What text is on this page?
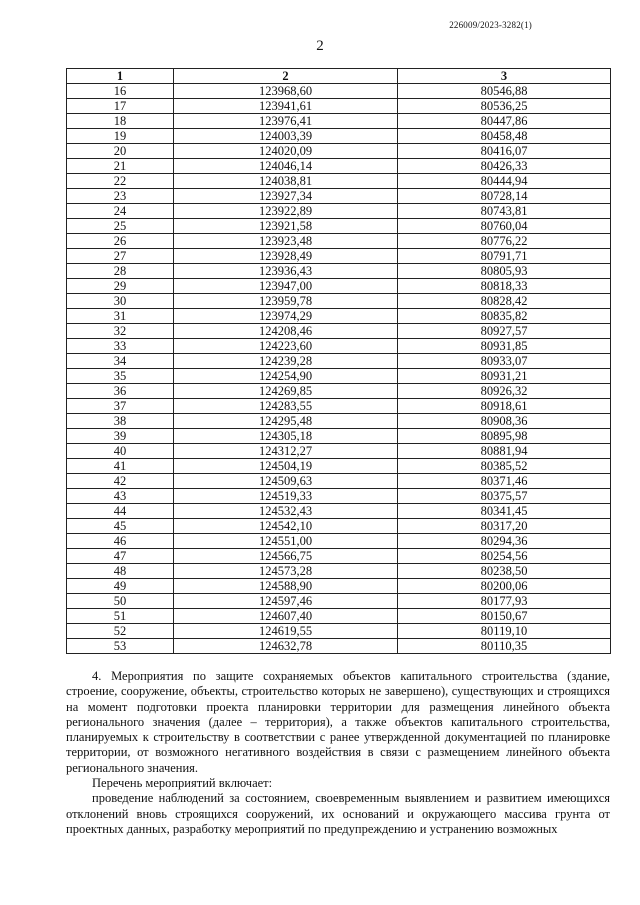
226009/2023-3282(1)
2
1	2	3
16	123968,60	80546,88
17	123941,61	80536,25
18	123976,41	80447,86
19	124003,39	80458,48
20	124020,09	80416,07
21	124046,14	80426,33
22	124038,81	80444,94
23	123927,34	80728,14
24	123922,89	80743,81
25	123921,58	80760,04
26	123923,48	80776,22
27	123928,49	80791,71
28	123936,43	80805,93
29	123947,00	80818,33
30	123959,78	80828,42
31	123974,29	80835,82
32	124208,46	80927,57
33	124223,60	80931,85
34	124239,28	80933,07
35	124254,90	80931,21
36	124269,85	80926,32
37	124283,55	80918,61
38	124295,48	80908,36
39	124305,18	80895,98
40	124312,27	80881,94
41	124504,19	80385,52
42	124509,63	80371,46
43	124519,33	80375,57
44	124532,43	80341,45
45	124542,10	80317,20
46	124551,00	80294,36
47	124566,75	80254,56
48	124573,28	80238,50
49	124588,90	80200,06
50	124597,46	80177,93
51	124607,40	80150,67
52	124619,55	80119,10
53	124632,78	80110,35

4. Мероприятия по защите сохраняемых объектов капитального строительства (здание, строение, сооружение, объекты, строительство которых не завершено), существующих и строящихся на момент подготовки проекта планировки территории для размещения линейного объекта регионального значения (далее – территория), а также объектов капитального строительства, планируемых к строительству в соответствии с ранее утвержденной документацией по планировке территории, от возможного негативного воздействия в связи с размещением линейного объекта регионального значения.

Перечень мероприятий включает:

проведение наблюдений за состоянием, своевременным выявлением и развитием имеющихся отклонений вновь строящихся сооружений, их оснований и окружающего массива грунта от проектных данных, разработку мероприятий по предупреждению и устранению возможных
